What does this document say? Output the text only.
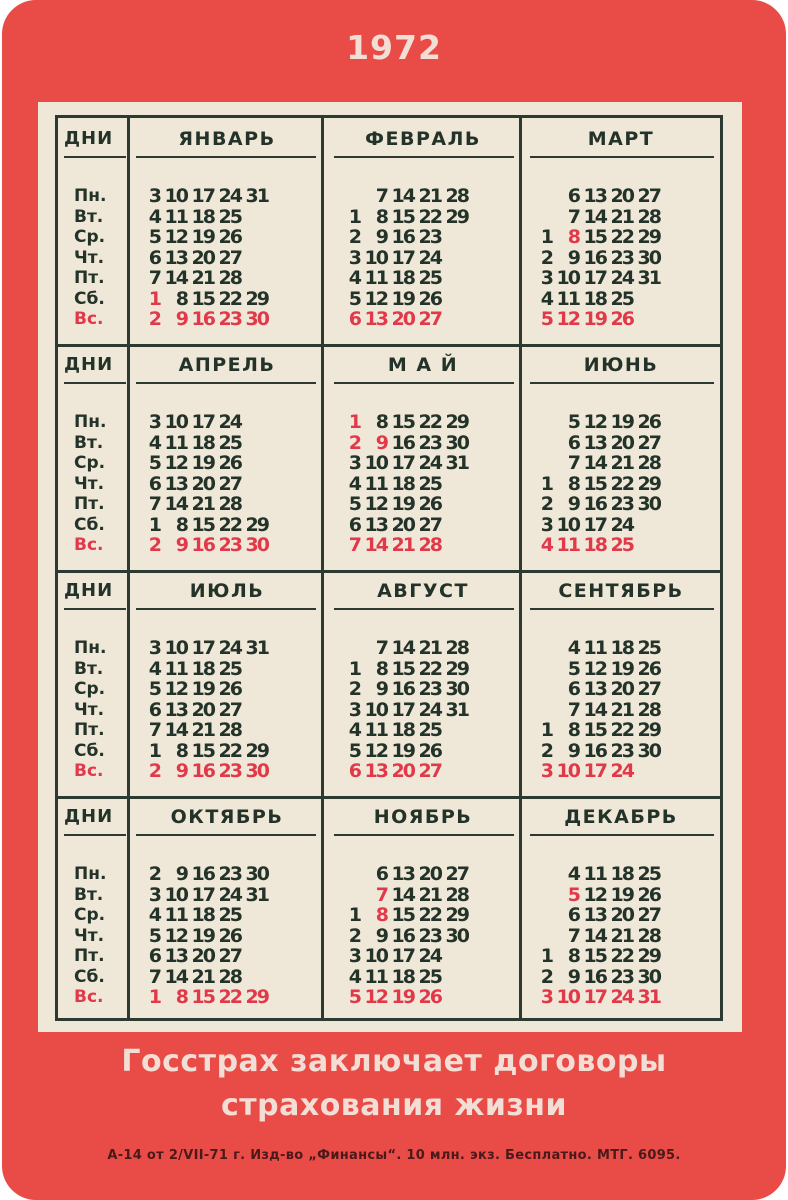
1972
ДНИ
Пн.
Вт.
Ср.
Чт.
Пт.
Сб.
Вс.
ЯНВАРЬ
3 10 17 24 31
4 11 18 25
5 12 19 26
6 13 20 27
7 14 21 28
1 8 15 22 29
2 9 16 23 30
ФЕВРАЛЬ
7 14 21 28
1 8 15 22 29
2 9 16 23
3 10 17 24
4 11 18 25
5 12 19 26
6 13 20 27
МАРТ
6 13 20 27
7 14 21 28
1 8 15 22 29
2 9 16 23 30
3 10 17 24 31
4 11 18 25
5 12 19 26
ДНИ
Пн.
Вт.
Ср.
Чт.
Пт.
Сб.
Вс.
АПРЕЛЬ
3 10 17 24
4 11 18 25
5 12 19 26
6 13 20 27
7 14 21 28
1 8 15 22 29
2 9 16 23 30
М А Й
1 8 15 22 29
2 9 16 23 30
3 10 17 24 31
4 11 18 25
5 12 19 26
6 13 20 27
7 14 21 28
ИЮНЬ
5 12 19 26
6 13 20 27
7 14 21 28
1 8 15 22 29
2 9 16 23 30
3 10 17 24
4 11 18 25
ДНИ
Пн.
Вт.
Ср.
Чт.
Пт.
Сб.
Вс.
ИЮЛЬ
3 10 17 24 31
4 11 18 25
5 12 19 26
6 13 20 27
7 14 21 28
1 8 15 22 29
2 9 16 23 30
АВГУСТ
7 14 21 28
1 8 15 22 29
2 9 16 23 30
3 10 17 24 31
4 11 18 25
5 12 19 26
6 13 20 27
СЕНТЯБРЬ
4 11 18 25
5 12 19 26
6 13 20 27
7 14 21 28
1 8 15 22 29
2 9 16 23 30
3 10 17 24
ДНИ
Пн.
Вт.
Ср.
Чт.
Пт.
Сб.
Вс.
ОКТЯБРЬ
2 9 16 23 30
3 10 17 24 31
4 11 18 25
5 12 19 26
6 13 20 27
7 14 21 28
1 8 15 22 29
НОЯБРЬ
6 13 20 27
7 14 21 28
1 8 15 22 29
2 9 16 23 30
3 10 17 24
4 11 18 25
5 12 19 26
ДЕКАБРЬ
4 11 18 25
5 12 19 26
6 13 20 27
7 14 21 28
1 8 15 22 29
2 9 16 23 30
3 10 17 24 31
Госстрах заключает договоры
страхования жизни
А-14 от 2/VII-71 г. Изд-во „Финансы“. 10 млн. экз. Бесплатно. МТГ. 6095.
